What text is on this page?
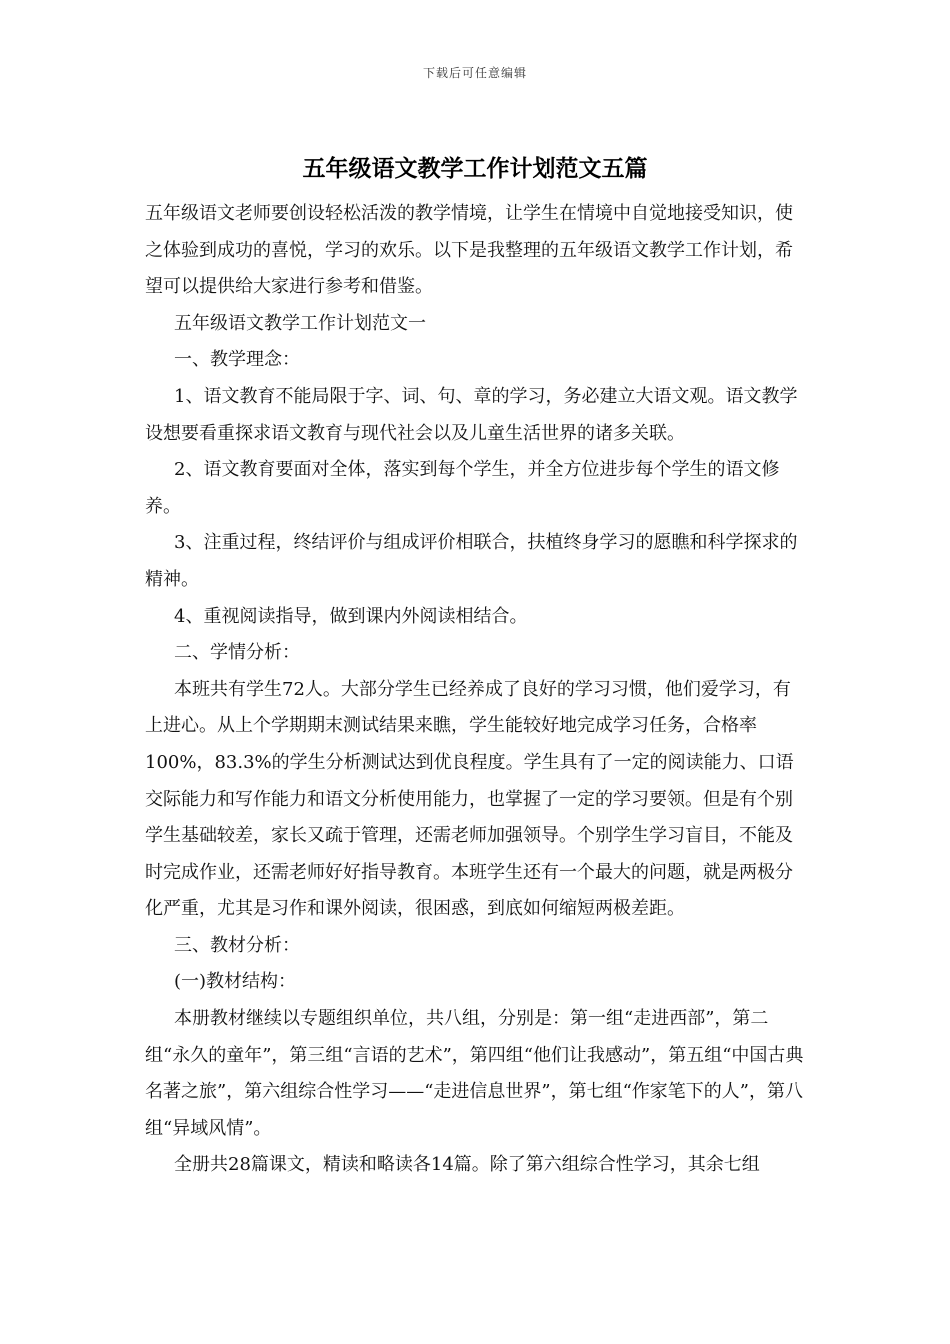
下载后可任意编辑
五年级语文教学工作计划范文五篇

五年级语文老师要创设轻松活泼的教学情境，让学生在情境中自觉地接受知识，使之体验到成功的喜悦，学习的欢乐。以下是我整理的五年级语文教学工作计划，希望可以提供给大家进行参考和借鉴。

五年级语文教学工作计划范文一

一、教学理念：

1、语文教育不能局限于字、词、句、章的学习，务必建立大语文观。语文教学设想要看重探求语文教育与现代社会以及儿童生活世界的诸多关联。

2、语文教育要面对全体，落实到每个学生，并全方位进步每个学生的语文修养。

3、注重过程，终结评价与组成评价相联合，扶植终身学习的愿瞧和科学探求的精神。

4、重视阅读指导，做到课内外阅读相结合。

二、学情分析：

本班共有学生72人。大部分学生已经养成了良好的学习习惯，他们爱学习，有上进心。从上个学期期末测试结果来瞧，学生能较好地完成学习任务，合格率100%，83.3%的学生分析测试达到优良程度。学生具有了一定的阅读能力、口语交际能力和写作能力和语文分析使用能力，也掌握了一定的学习要领。但是有个别学生基础较差，家长又疏于管理，还需老师加强领导。个别学生学习盲目，不能及时完成作业，还需老师好好指导教育。本班学生还有一个最大的问题，就是两极分化严重，尤其是习作和课外阅读，很困惑，到底如何缩短两极差距。

三、教材分析：

(一)教材结构：

本册教材继续以专题组织单位，共八组，分别是：第一组“走进西部”，第二组“永久的童年”，第三组“言语的艺术”，第四组“他们让我感动”，第五组“中国古典名著之旅”，第六组综合性学习——“走进信息世界”，第七组“作家笔下的人”，第八组“异域风情”。

全册共28篇课文，精读和略读各14篇。除了第六组综合性学习，其余七组
